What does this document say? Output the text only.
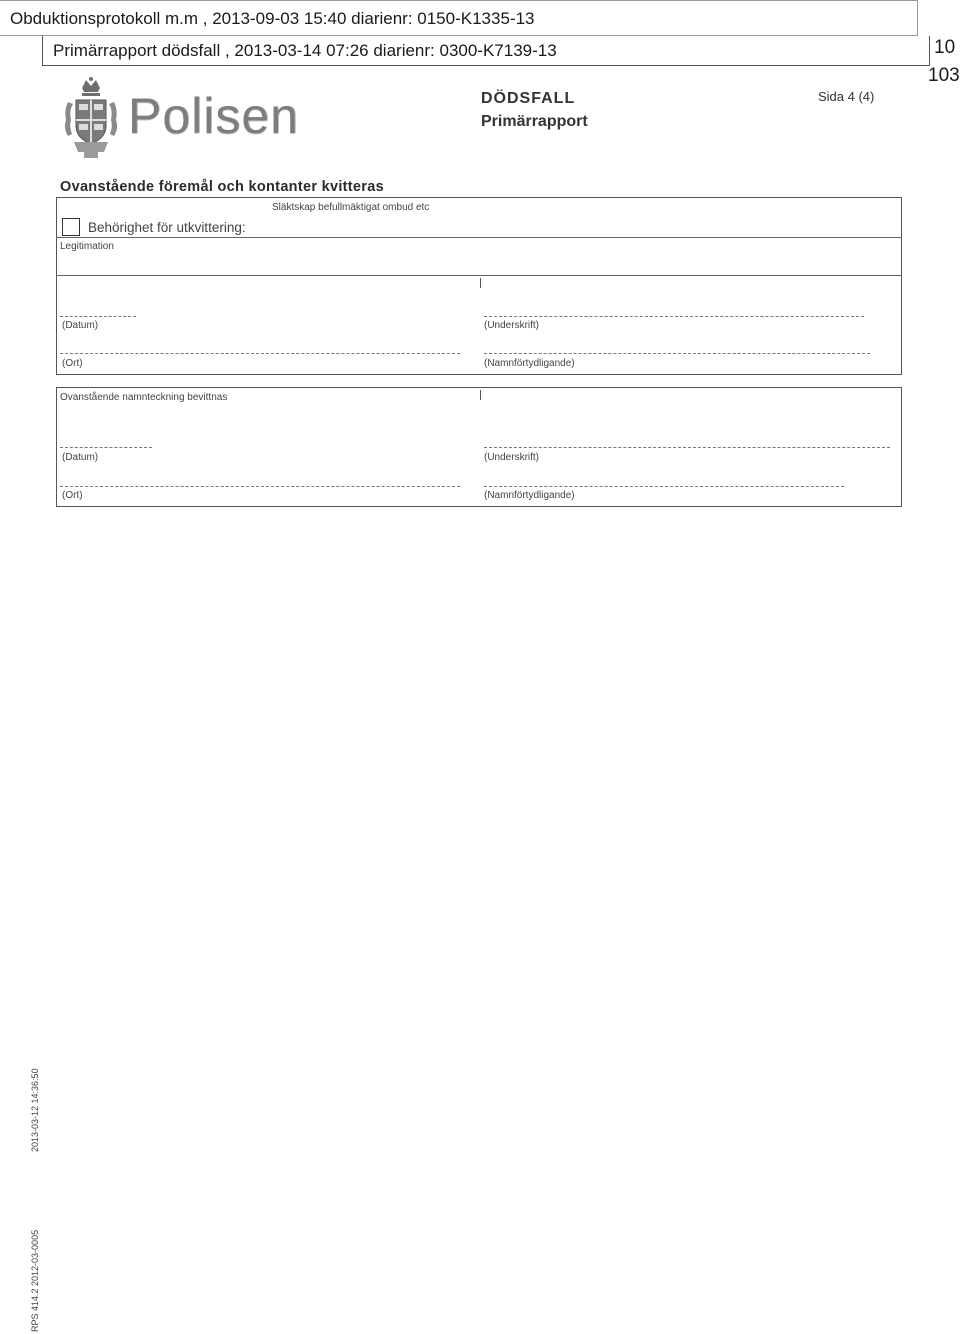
Obduktionsprotokoll m.m , 2013-09-03 15:40 diarienr: 0150-K1335-13
Primärrapport dödsfall , 2013-03-14 07:26 diarienr: 0300-K7139-13	10
103
Polisen	DÖDSFALL
Primärrapport
Sida 4 (4)
Ovanstående föremål och kontanter kvitteras
Släktskap befullmäktigat ombud etc
Behörighet för utkvittering:
Legitimation
(Datum)	(Underskrift)
(Ort)	(Namnförtydligande)
Ovanstående namnteckning bevittnas
(Datum)	(Underskrift)
(Ort)	(Namnförtydligande)
2013-03-12 14:36:50
RPS 414.2 2012-03-0005
